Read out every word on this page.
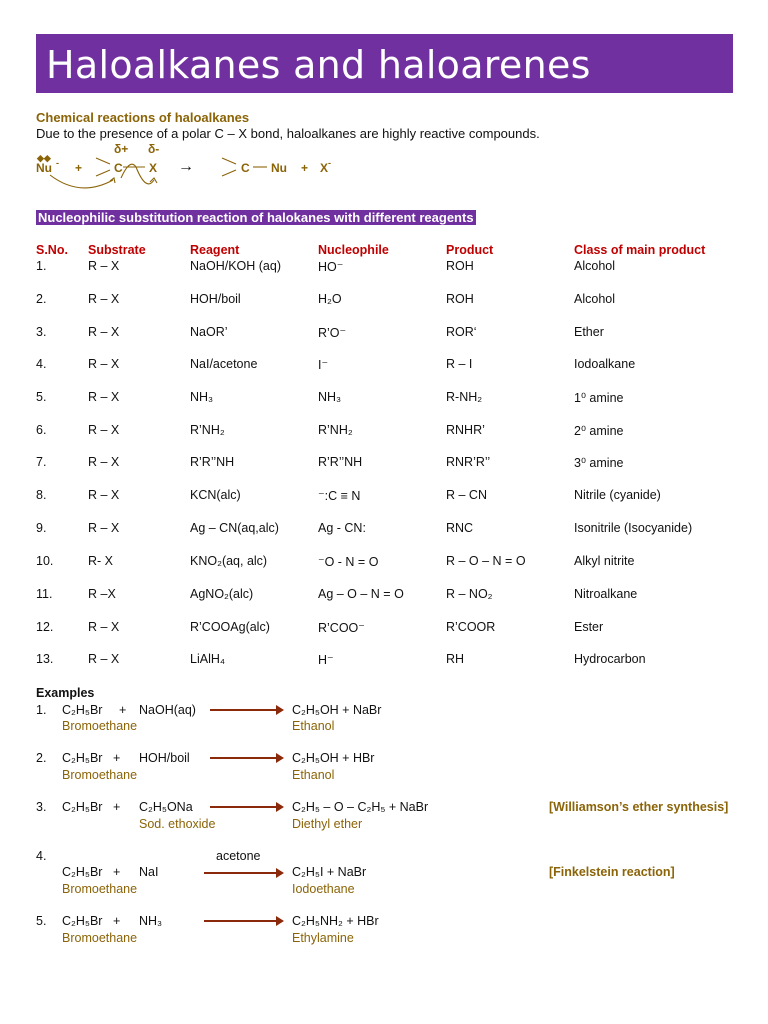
Haloalkanes and haloarenes
Chemical reactions of haloalkanes
Due to the presence of a polar C – X bond, haloalkanes are highly reactive compounds.
◆◆
Nu - +
δ+ δ-
C X →	C Nu + X -
Nucleophilic substitution reaction of halokanes with different reagents
S.No. Substrate	Reagent	Nucleophile	Product	Class of main product
1.	R – X	NaOH/KOH (aq)	HO⁻	ROH	Alcohol
2.	R – X	HOH/boil	H₂O	ROH	Alcohol
3.	R – X	NaOR’	R’O⁻	ROR‘	Ether
4.	R – X	NaI/acetone	I⁻	R – I	Iodoalkane
5.	R – X	NH₃	NH₃	R-NH₂	1⁰ amine
6.	R – X	R’NH₂	R’NH₂	RNHR’	2⁰ amine
7.	R – X	R’R’’NH	R’R’’NH	RNR’R’’	3⁰ amine
8.	R – X	KCN(alc)	⁻:C ≡ N	R – CN	Nitrile (cyanide)
9.	R – X	Ag – CN(aq,alc)	Ag - CN:	RNC	Isonitrile (Isocyanide)
10.	R- X	KNO₂(aq, alc)	⁻O - N = O	R – O – N = O	Alkyl nitrite
11.	R –X	AgNO₂(alc)	Ag – O – N = O	R – NO₂	Nitroalkane
12.	R – X	R’COOAg(alc)	R’COO⁻	R’COOR	Ester
13.	R – X	LiAlH₄	H⁻	RH	Hydrocarbon
Examples
1. C₂H₅Br + NaOH(aq)	C₂H₅OH + NaBr
Bromoethane	Ethanol
2. C₂H₅Br + HOH/boil	C₂H₅OH + HBr
Bromoethane	Ethanol
3. C₂H₅Br + C₂H₅ONa	C₂H₅ – O – C₂H₅ + NaBr	[Williamson’s ether synthesis]
Sod. ethoxide	Diethyl ether
4.	acetone
C₂H₅Br + NaI	C₂H₅I + NaBr	[Finkelstein reaction]
Bromoethane	Iodoethane
5. C₂H₅Br + NH₃	C₂H₅NH₂ + HBr
Bromoethane	Ethylamine
